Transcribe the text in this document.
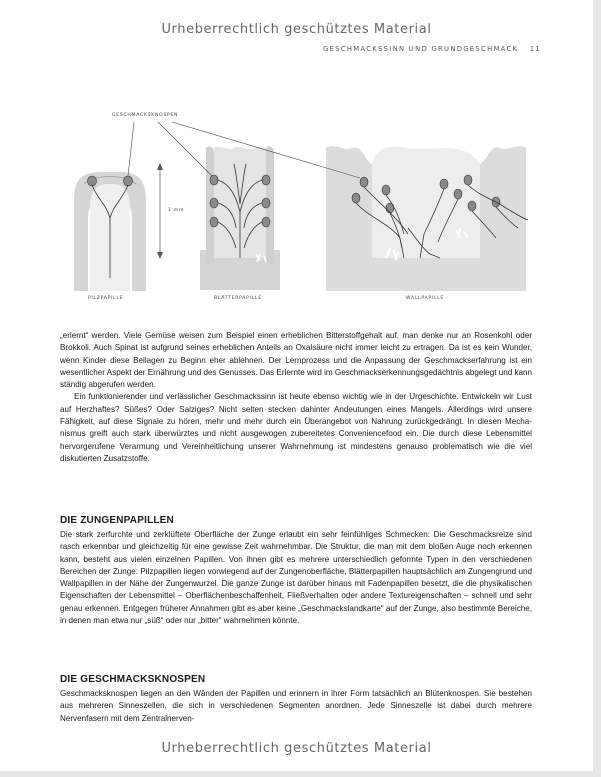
Urheberrechtlich geschütztes Material
GESCHMACKSSINN UND GRUNDGESCHMACK 11
GESCHMACKSKNOSPEN
1 mm
PILZPAPILLE	BLÄTTERPAPILLE	WALLPAPILLE

„erlernt“ werden. Viele Gemüse weisen zum Beispiel einen erheblichen Bitterstoffgehalt auf, man denke nur an Rosenkohl oder Brokkoli. Auch Spinat ist aufgrund seines erheblichen Anteils an Oxalsäure nicht immer leicht zu ertragen. Da ist es kein Wunder, wenn Kinder diese Beilagen zu Beginn eher ablehnen. Der Lernprozess und die Anpassung der Geschmackserfahrung ist ein wesentlicher Aspekt der Ernährung und des Genusses. Das Erlernte wird im Geschmackserkennungsgedächtnis abgelegt und kann ständig abgerufen werden.

Ein funktionierender und verlässlicher Geschmackssinn ist heute ebenso wichtig wie in der Urgeschichte. Entwickeln wir Lust auf Herzhaftes? Süßes? Oder Salziges? Nicht selten stecken dahinter Andeutungen eines Mangels. Allerdings wird unsere Fähigkeit, auf diese Signale zu hören, mehr und mehr durch ein Überangebot von Nahrung zurückgedrängt. In diesen Mechanismus greift auch stark überwürztes und nicht ausgewogen zubereitetes Conveniencefood ein. Die durch diese Lebensmittel hervorgerufene Verarmung und Vereinheitlichung unserer Wahrnehmung ist mindestens genauso problematisch wie die viel diskutierten Zusatzstoffe.

DIE ZUNGENPAPILLEN

Die stark zerfurchte und zerklüftete Oberfläche der Zunge erlaubt ein sehr feinfühliges Schmecken: Die Geschmacksreize sind rasch erkennbar und gleichzeitig für eine gewisse Zeit wahrnehmbar. Die Struktur, die man mit dem bloßen Auge noch erkennen kann, besteht aus vielen einzelnen Papillen. Von ihnen gibt es mehrere unterschiedlich geformte Typen in den verschiedenen Bereichen der Zunge: Pilzpapillen liegen vorwiegend auf der Zungenoberfläche, Blätterpapillen hauptsächlich am Zungengrund und Wallpapillen in der Nähe der Zungenwurzel. Die ganze Zunge ist darüber hinaus mit Fadenpapillen besetzt, die die physikalischen Eigenschaften der Lebensmittel – Oberflächenbeschaffenheit, Fließverhalten oder andere Textureigenschaften – schnell und sehr genau erkennen. Entgegen früherer Annahmen gibt es aber keine „Geschmackslandkarte“ auf der Zunge, also bestimmte Bereiche, in denen man etwa nur „süß“ oder nur „bitter“ wahrnehmen könnte.

DIE GESCHMACKSKNOSPEN

Geschmacksknospen liegen an den Wänden der Papillen und erinnern in ihrer Form tatsächlich an Blütenknospen. Sie bestehen aus mehreren Sinneszellen, die sich in verschiedenen Segmenten anordnen. Jede Sinneszelle ist dabei durch mehrere Nervenfasern mit dem Zentralnerven-

Urheberrechtlich geschütztes Material
